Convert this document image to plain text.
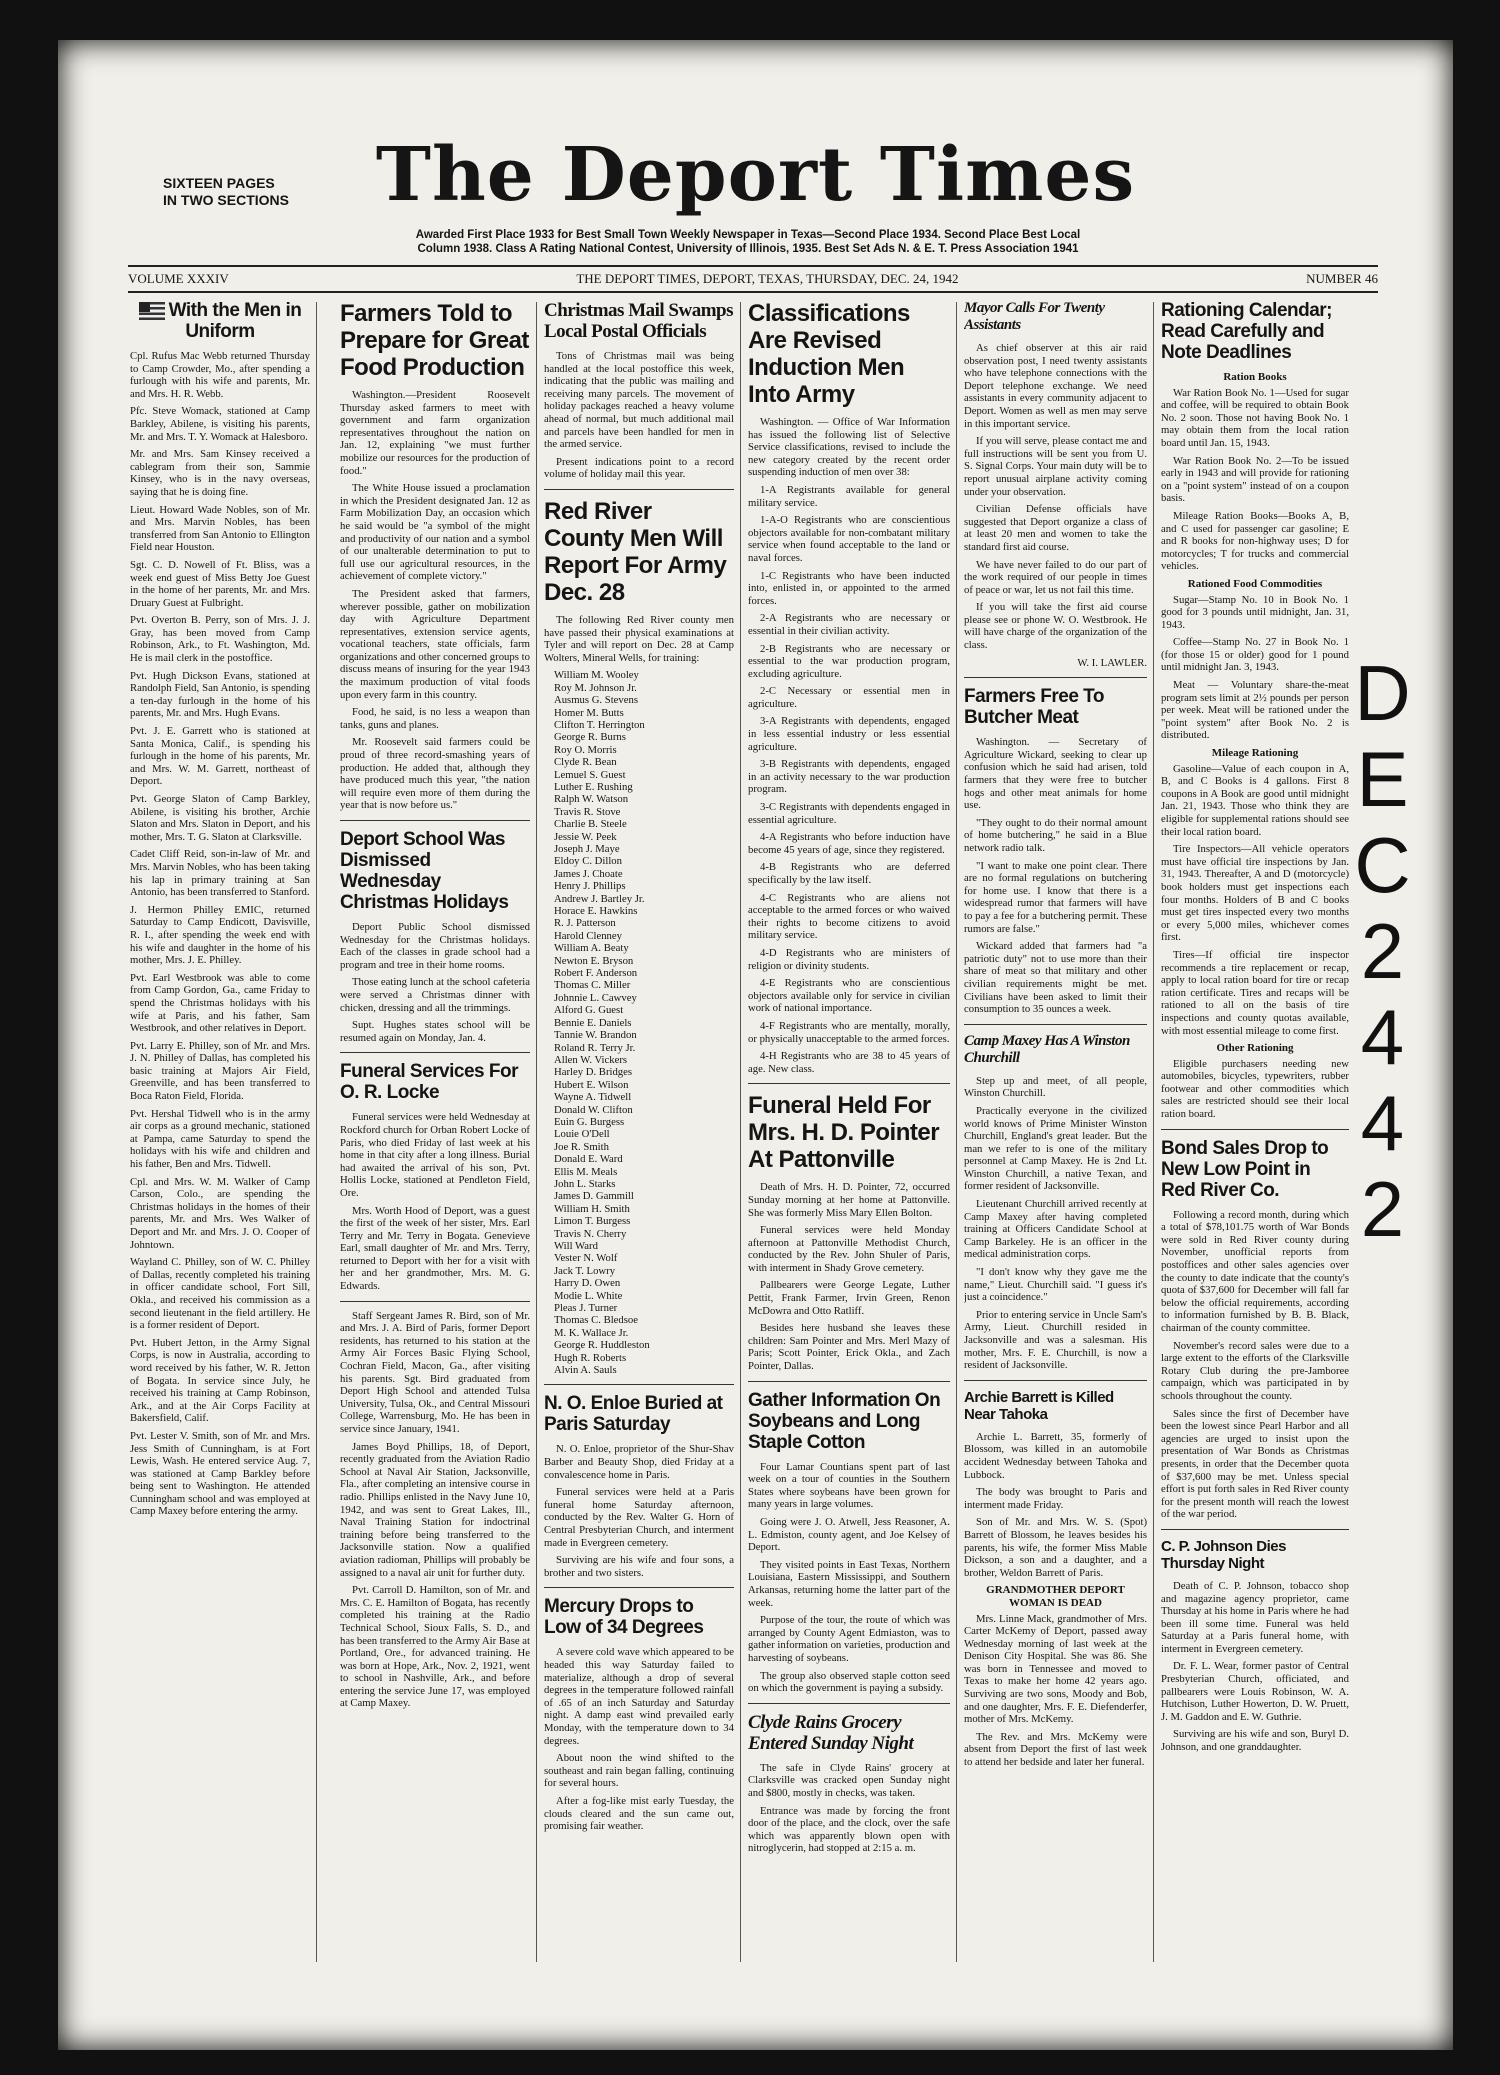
SIXTEEN PAGES
IN TWO SECTIONS	The Deport Times
Awarded First Place 1933 for Best Small Town Weekly Newspaper in Texas—Second Place 1934. Second Place Best Local
Column 1938. Class A Rating National Contest, University of Illinois, 1935. Best Set Ads N. & E. T. Press Association 1941
VOLUME XXXIV	THE DEPORT TIMES, DEPORT, TEXAS, THURSDAY, DEC. 24, 1942	NUMBER 46
With the Men in Uniform

Cpl. Rufus Mac Webb returned Thursday to Camp Crowder, Mo., after spending a furlough with his wife and parents, Mr. and Mrs. H. R. Webb.

Pfc. Steve Womack, stationed at Camp Barkley, Abilene, is visiting his parents, Mr. and Mrs. T. Y. Womack at Halesboro.

Mr. and Mrs. Sam Kinsey received a cablegram from their son, Sammie Kinsey, who is in the navy overseas, saying that he is doing fine.

Lieut. Howard Wade Nobles, son of Mr. and Mrs. Marvin Nobles, has been transferred from San Antonio to Ellington Field near Houston.

Sgt. C. D. Nowell of Ft. Bliss, was a week end guest of Miss Betty Joe Guest in the home of her parents, Mr. and Mrs. Druary Guest at Fulbright.

Pvt. Overton B. Perry, son of Mrs. J. J. Gray, has been moved from Camp Robinson, Ark., to Ft. Washington, Md. He is mail clerk in the postoffice.

Pvt. Hugh Dickson Evans, stationed at Randolph Field, San Antonio, is spending a ten-day furlough in the home of his parents, Mr. and Mrs. Hugh Evans.

Pvt. J. E. Garrett who is stationed at Santa Monica, Calif., is spending his furlough in the home of his parents, Mr. and Mrs. W. M. Garrett, northeast of Deport.

Pvt. George Slaton of Camp Barkley, Abilene, is visiting his brother, Archie Slaton and Mrs. Slaton in Deport, and his mother, Mrs. T. G. Slaton at Clarksville.

Cadet Cliff Reid, son-in-law of Mr. and Mrs. Marvin Nobles, who has been taking his lap in primary training at San Antonio, has been transferred to Stanford.

J. Hermon Philley EMIC, returned Saturday to Camp Endicott, Davisville, R. I., after spending the week end with his wife and daughter in the home of his mother, Mrs. J. E. Philley.

Pvt. Earl Westbrook was able to come from Camp Gordon, Ga., came Friday to spend the Christmas holidays with his wife at Paris, and his father, Sam Westbrook, and other relatives in Deport.

Pvt. Larry E. Philley, son of Mr. and Mrs. J. N. Philley of Dallas, has completed his basic training at Majors Air Field, Greenville, and has been transferred to Boca Raton Field, Florida.

Pvt. Hershal Tidwell who is in the army air corps as a ground mechanic, stationed at Pampa, came Saturday to spend the holidays with his wife and children and his father, Ben and Mrs. Tidwell.

Cpl. and Mrs. W. M. Walker of Camp Carson, Colo., are spending the Christmas holidays in the homes of their parents, Mr. and Mrs. Wes Walker of Deport and Mr. and Mrs. J. O. Cooper of Johntown.

Wayland C. Philley, son of W. C. Philley of Dallas, recently completed his training in officer candidate school, Fort Sill, Okla., and received his commission as a second lieutenant in the field artillery. He is a former resident of Deport.

Pvt. Hubert Jetton, in the Army Signal Corps, is now in Australia, according to word received by his father, W. R. Jetton of Bogata. In service since July, he received his training at Camp Robinson, Ark., and at the Air Corps Facility at Bakersfield, Calif.

Pvt. Lester V. Smith, son of Mr. and Mrs. Jess Smith of Cunningham, is at Fort Lewis, Wash. He entered service Aug. 7, was stationed at Camp Barkley before being sent to Washington. He attended Cunningham school and was employed at Camp Maxey before entering the army.

Farmers Told to Prepare for Great Food Production

Washington.—President Roosevelt Thursday asked farmers to meet with government and farm organization representatives throughout the nation on Jan. 12, explaining "we must further mobilize our resources for the production of food."

The White House issued a proclamation in which the President designated Jan. 12 as Farm Mobilization Day, an occasion which he said would be "a symbol of the might and productivity of our nation and a symbol of our unalterable determination to put to full use our agricultural resources, in the achievement of complete victory."

The President asked that farmers, wherever possible, gather on mobilization day with Agriculture Department representatives, extension service agents, vocational teachers, state officials, farm organizations and other concerned groups to discuss means of insuring for the year 1943 the maximum production of vital foods upon every farm in this country.

Food, he said, is no less a weapon than tanks, guns and planes.

Mr. Roosevelt said farmers could be proud of three record-smashing years of production. He added that, although they have produced much this year, "the nation will require even more of them during the year that is now before us."

Deport School Was Dismissed Wednesday Christmas Holidays

Deport Public School dismissed Wednesday for the Christmas holidays. Each of the classes in grade school had a program and tree in their home rooms.

Those eating lunch at the school cafeteria were served a Christmas dinner with chicken, dressing and all the trimmings.

Supt. Hughes states school will be resumed again on Monday, Jan. 4.

Funeral Services For O. R. Locke

Funeral services were held Wednesday at Rockford church for Orban Robert Locke of Paris, who died Friday of last week at his home in that city after a long illness. Burial had awaited the arrival of his son, Pvt. Hollis Locke, stationed at Pendleton Field, Ore.

Mrs. Worth Hood of Deport, was a guest the first of the week of her sister, Mrs. Earl Terry and Mr. Terry in Bogata. Genevieve Earl, small daughter of Mr. and Mrs. Terry, returned to Deport with her for a visit with her and her grandmother, Mrs. M. G. Edwards.

Staff Sergeant James R. Bird, son of Mr. and Mrs. J. A. Bird of Paris, former Deport residents, has returned to his station at the Army Air Forces Basic Flying School, Cochran Field, Macon, Ga., after visiting his parents. Sgt. Bird graduated from Deport High School and attended Tulsa University, Tulsa, Ok., and Central Missouri College, Warrensburg, Mo. He has been in service since January, 1941.

James Boyd Phillips, 18, of Deport, recently graduated from the Aviation Radio School at Naval Air Station, Jacksonville, Fla., after completing an intensive course in radio. Phillips enlisted in the Navy June 10, 1942, and was sent to Great Lakes, Ill., Naval Training Station for indoctrinal training before being transferred to the Jacksonville station. Now a qualified aviation radioman, Phillips will probably be assigned to a naval air unit for further duty.

Pvt. Carroll D. Hamilton, son of Mr. and Mrs. C. E. Hamilton of Bogata, has recently completed his training at the Radio Technical School, Sioux Falls, S. D., and has been transferred to the Army Air Base at Portland, Ore., for advanced training. He was born at Hope, Ark., Nov. 2, 1921, went to school in Nashville, Ark., and before entering the service June 17, was employed at Camp Maxey.

Christmas Mail Swamps Local Postal Officials

Tons of Christmas mail was being handled at the local postoffice this week, indicating that the public was mailing and receiving many parcels. The movement of holiday packages reached a heavy volume ahead of normal, but much additional mail and parcels have been handled for men in the armed service.

Present indications point to a record volume of holiday mail this year.

Red River County Men Will Report For Army Dec. 28

The following Red River county men have passed their physical examinations at Tyler and will report on Dec. 28 at Camp Wolters, Mineral Wells, for training:

William M. Wooley
Roy M. Johnson Jr.
Ausmus G. Stevens
Homer M. Butts
Clifton T. Herrington
George R. Burns
Roy O. Morris
Clyde R. Bean
Lemuel S. Guest
Luther E. Rushing
Ralph W. Watson
Travis R. Stove
Charlie B. Steele
Jessie W. Peek
Joseph J. Maye
Eldoy C. Dillon
James J. Choate
Henry J. Phillips
Andrew J. Bartley Jr.
Horace E. Hawkins
R. J. Patterson
Harold Clenney
William A. Beaty
Newton E. Bryson
Robert F. Anderson
Thomas C. Miller
Johnnie L. Cawvey
Alford G. Guest
Bennie E. Daniels
Tannie W. Brandon
Roland R. Terry Jr.
Allen W. Vickers
Harley D. Bridges
Hubert E. Wilson
Wayne A. Tidwell
Donald W. Clifton
Euin G. Burgess
Louie O'Dell
Joe R. Smith
Donald E. Ward
Ellis M. Meals
John L. Starks
James D. Gammill
William H. Smith
Limon T. Burgess
Travis N. Cherry
Will Ward
Vester N. Wolf
Jack T. Lowry
Harry D. Owen
Modie L. White
Pleas J. Turner
Thomas C. Bledsoe
M. K. Wallace Jr.
George R. Huddleston
Hugh R. Roberts
Alvin A. Sauls
N. O. Enloe Buried at Paris Saturday

N. O. Enloe, proprietor of the Shur-Shav Barber and Beauty Shop, died Friday at a convalescence home in Paris.

Funeral services were held at a Paris funeral home Saturday afternoon, conducted by the Rev. Walter G. Horn of Central Presbyterian Church, and interment made in Evergreen cemetery.

Surviving are his wife and four sons, a brother and two sisters.

Mercury Drops to Low of 34 Degrees

A severe cold wave which appeared to be headed this way Saturday failed to materialize, although a drop of several degrees in the temperature followed rainfall of .65 of an inch Saturday and Saturday night. A damp east wind prevailed early Monday, with the temperature down to 34 degrees.

About noon the wind shifted to the southeast and rain began falling, continuing for several hours.

After a fog-like mist early Tuesday, the clouds cleared and the sun came out, promising fair weather.

Classifications Are Revised Induction Men Into Army

Washington. — Office of War Information has issued the following list of Selective Service classifications, revised to include the new category created by the recent order suspending induction of men over 38:

1-A Registrants available for general military service.

1-A-O Registrants who are conscientious objectors available for non-combatant military service when found acceptable to the land or naval forces.

1-C Registrants who have been inducted into, enlisted in, or appointed to the armed forces.

2-A Registrants who are necessary or essential in their civilian activity.

2-B Registrants who are necessary or essential to the war production program, excluding agriculture.

2-C Necessary or essential men in agriculture.

3-A Registrants with dependents, engaged in less essential industry or less essential agriculture.

3-B Registrants with dependents, engaged in an activity necessary to the war production program.

3-C Registrants with dependents engaged in essential agriculture.

4-A Registrants who before induction have become 45 years of age, since they registered.

4-B Registrants who are deferred specifically by the law itself.

4-C Registrants who are aliens not acceptable to the armed forces or who waived their rights to become citizens to avoid military service.

4-D Registrants who are ministers of religion or divinity students.

4-E Registrants who are conscientious objectors available only for service in civilian work of national importance.

4-F Registrants who are mentally, morally, or physically unacceptable to the armed forces.

4-H Registrants who are 38 to 45 years of age. New class.

Funeral Held For Mrs. H. D. Pointer At Pattonville

Death of Mrs. H. D. Pointer, 72, occurred Sunday morning at her home at Pattonville. She was formerly Miss Mary Ellen Bolton.

Funeral services were held Monday afternoon at Pattonville Methodist Church, conducted by the Rev. John Shuler of Paris, with interment in Shady Grove cemetery.

Pallbearers were George Legate, Luther Pettit, Frank Farmer, Irvin Green, Renon McDowra and Otto Ratliff.

Besides here husband she leaves these children: Sam Pointer and Mrs. Merl Mazy of Paris; Scott Pointer, Erick Okla., and Zach Pointer, Dallas.

Gather Information On Soybeans and Long Staple Cotton

Four Lamar Countians spent part of last week on a tour of counties in the Southern States where soybeans have been grown for many years in large volumes.

Going were J. O. Atwell, Jess Reasoner, A. L. Edmiston, county agent, and Joe Kelsey of Deport.

They visited points in East Texas, Northern Louisiana, Eastern Mississippi, and Southern Arkansas, returning home the latter part of the week.

Purpose of the tour, the route of which was arranged by County Agent Edmiaston, was to gather information on varieties, production and harvesting of soybeans.

The group also observed staple cotton seed on which the government is paying a subsidy.

Clyde Rains Grocery Entered Sunday Night

The safe in Clyde Rains' grocery at Clarksville was cracked open Sunday night and $800, mostly in checks, was taken.

Entrance was made by forcing the front door of the place, and the clock, over the safe which was apparently blown open with nitroglycerin, had stopped at 2:15 a. m.

Mayor Calls For Twenty Assistants

As chief observer at this air raid observation post, I need twenty assistants who have telephone connections with the Deport telephone exchange. We need assistants in every community adjacent to Deport. Women as well as men may serve in this important service.

If you will serve, please contact me and full instructions will be sent you from U. S. Signal Corps. Your main duty will be to report unusual airplane activity coming under your observation.

Civilian Defense officials have suggested that Deport organize a class of at least 20 men and women to take the standard first aid course.

We have never failed to do our part of the work required of our people in times of peace or war, let us not fail this time.

If you will take the first aid course please see or phone W. O. Westbrook. He will have charge of the organization of the class.

W. I. LAWLER.

Farmers Free To Butcher Meat

Washington. — Secretary of Agriculture Wickard, seeking to clear up confusion which he said had arisen, told farmers that they were free to butcher hogs and other meat animals for home use.

"They ought to do their normal amount of home butchering," he said in a Blue network radio talk.

"I want to make one point clear. There are no formal regulations on butchering for home use. I know that there is a widespread rumor that farmers will have to pay a fee for a butchering permit. These rumors are false."

Wickard added that farmers had "a patriotic duty" not to use more than their share of meat so that military and other civilian requirements might be met. Civilians have been asked to limit their consumption to 35 ounces a week.

Camp Maxey Has A Winston Churchill

Step up and meet, of all people, Winston Churchill.

Practically everyone in the civilized world knows of Prime Minister Winston Churchill, England's great leader. But the man we refer to is one of the military personnel at Camp Maxey. He is 2nd Lt. Winston Churchill, a native Texan, and former resident of Jacksonville.

Lieutenant Churchill arrived recently at Camp Maxey after having completed training at Officers Candidate School at Camp Barkeley. He is an officer in the medical administration corps.

"I don't know why they gave me the name," Lieut. Churchill said. "I guess it's just a coincidence."

Prior to entering service in Uncle Sam's Army, Lieut. Churchill resided in Jacksonville and was a salesman. His mother, Mrs. F. E. Churchill, is now a resident of Jacksonville.

Archie Barrett is Killed Near Tahoka

Archie L. Barrett, 35, formerly of Blossom, was killed in an automobile accident Wednesday between Tahoka and Lubbock.

The body was brought to Paris and interment made Friday.

Son of Mr. and Mrs. W. S. (Spot) Barrett of Blossom, he leaves besides his parents, his wife, the former Miss Mable Dickson, a son and a daughter, and a brother, Weldon Barrett of Paris.

GRANDMOTHER DEPORT WOMAN IS DEAD

Mrs. Linne Mack, grandmother of Mrs. Carter McKemy of Deport, passed away Wednesday morning of last week at the Denison City Hospital. She was 86. She was born in Tennessee and moved to Texas to make her home 42 years ago. Surviving are two sons, Moody and Bob, and one daughter, Mrs. F. E. Diefenderfer, mother of Mrs. McKemy.

The Rev. and Mrs. McKemy were absent from Deport the first of last week to attend her bedside and later her funeral.

Rationing Calendar; Read Carefully and Note Deadlines
Ration Books

War Ration Book No. 1—Used for sugar and coffee, will be required to obtain Book No. 2 soon. Those not having Book No. 1 may obtain them from the local ration board until Jan. 15, 1943.

War Ration Book No. 2—To be issued early in 1943 and will provide for rationing on a "point system" instead of on a coupon basis.

Mileage Ration Books—Books A, B, and C used for passenger car gasoline; E and R books for non-highway uses; D for motorcycles; T for trucks and commercial vehicles.

Rationed Food Commodities

Sugar—Stamp No. 10 in Book No. 1 good for 3 pounds until midnight, Jan. 31, 1943.

Coffee—Stamp No. 27 in Book No. 1 (for those 15 or older) good for 1 pound until midnight Jan. 3, 1943.

Meat — Voluntary share-the-meat program sets limit at 2½ pounds per person per week. Meat will be rationed under the "point system" after Book No. 2 is distributed.

Mileage Rationing

Gasoline—Value of each coupon in A, B, and C Books is 4 gallons. First 8 coupons in A Book are good until midnight Jan. 21, 1943. Those who think they are eligible for supplemental rations should see their local ration board.

Tire Inspectors—All vehicle operators must have official tire inspections by Jan. 31, 1943. Thereafter, A and D (motorcycle) book holders must get inspections each four months. Holders of B and C books must get tires inspected every two months or every 5,000 miles, whichever comes first.

Tires—If official tire inspector recommends a tire replacement or recap, apply to local ration board for tire or recap ration certificate. Tires and recaps will be rationed to all on the basis of tire inspections and county quotas available, with most essential mileage to come first.

Other Rationing

Eligible purchasers needing new automobiles, bicycles, typewriters, rubber footwear and other commodities which sales are restricted should see their local ration board.

Bond Sales Drop to New Low Point in Red River Co.

Following a record month, during which a total of $78,101.75 worth of War Bonds were sold in Red River county during November, unofficial reports from postoffices and other sales agencies over the county to date indicate that the county's quota of $37,600 for December will fall far below the official requirements, according to information furnished by B. B. Black, chairman of the county committee.

November's record sales were due to a large extent to the efforts of the Clarksville Rotary Club during the pre-Jamboree campaign, which was participated in by schools throughout the county.

Sales since the first of December have been the lowest since Pearl Harbor and all agencies are urged to insist upon the presentation of War Bonds as Christmas presents, in order that the December quota of $37,600 may be met. Unless special effort is put forth sales in Red River county for the present month will reach the lowest of the war period.

C. P. Johnson Dies Thursday Night

Death of C. P. Johnson, tobacco shop and magazine agency proprietor, came Thursday at his home in Paris where he had been ill some time. Funeral was held Saturday at a Paris funeral home, with interment in Evergreen cemetery.

Dr. F. L. Wear, former pastor of Central Presbyterian Church, officiated, and pallbearers were Louis Robinson, W. A. Hutchison, Luther Howerton, D. W. Pruett, J. M. Gaddon and E. W. Guthrie.

Surviving are his wife and son, Buryl D. Johnson, and one granddaughter.

D
E
C
2
4
4
2
